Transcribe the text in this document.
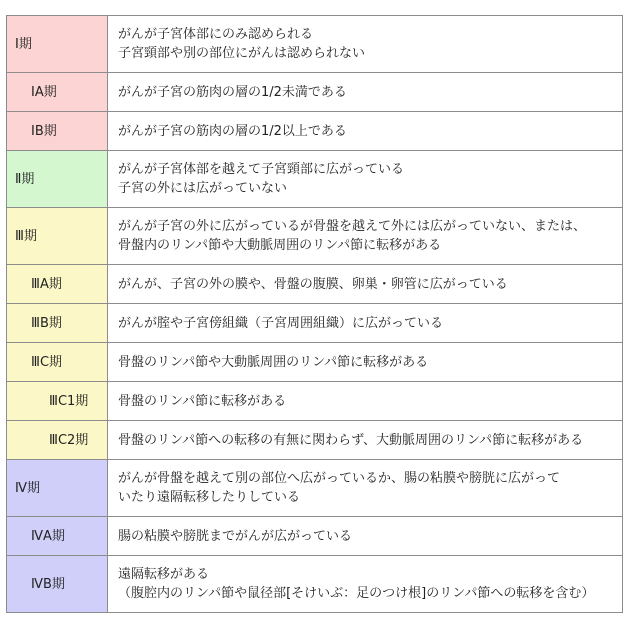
Ⅰ期	がんが子宮体部にのみ認められる
子宮頸部や別の部位にがんは認められない

ⅠA期	がんが子宮の筋肉の層の1/2未満である

ⅠB期	がんが子宮の筋肉の層の1/2以上である

Ⅱ期	がんが子宮体部を越えて子宮頸部に広がっている
子宮の外には広がっていない

Ⅲ期	がんが子宮の外に広がっているが骨盤を越えて外には広がっていない、または、
骨盤内のリンパ節や大動脈周囲のリンパ節に転移がある

ⅢA期	がんが、子宮の外の膜や、骨盤の腹膜、卵巣・卵管に広がっている

ⅢB期	がんが腟や子宮傍組織（子宮周囲組織）に広がっている

ⅢC期	骨盤のリンパ節や大動脈周囲のリンパ節に転移がある

ⅢC1期	骨盤のリンパ節に転移がある

ⅢC2期	骨盤のリンパ節への転移の有無に関わらず、大動脈周囲のリンパ節に転移がある

Ⅳ期	がんが骨盤を越えて別の部位へ広がっているか、腸の粘膜や膀胱に広がって
いたり遠隔転移したりしている

ⅣA期	腸の粘膜や膀胱までがんが広がっている

ⅣB期	遠隔転移がある
（腹腔内のリンパ節や鼠径部[そけいぶ：足のつけ根]のリンパ節への転移を含む）
